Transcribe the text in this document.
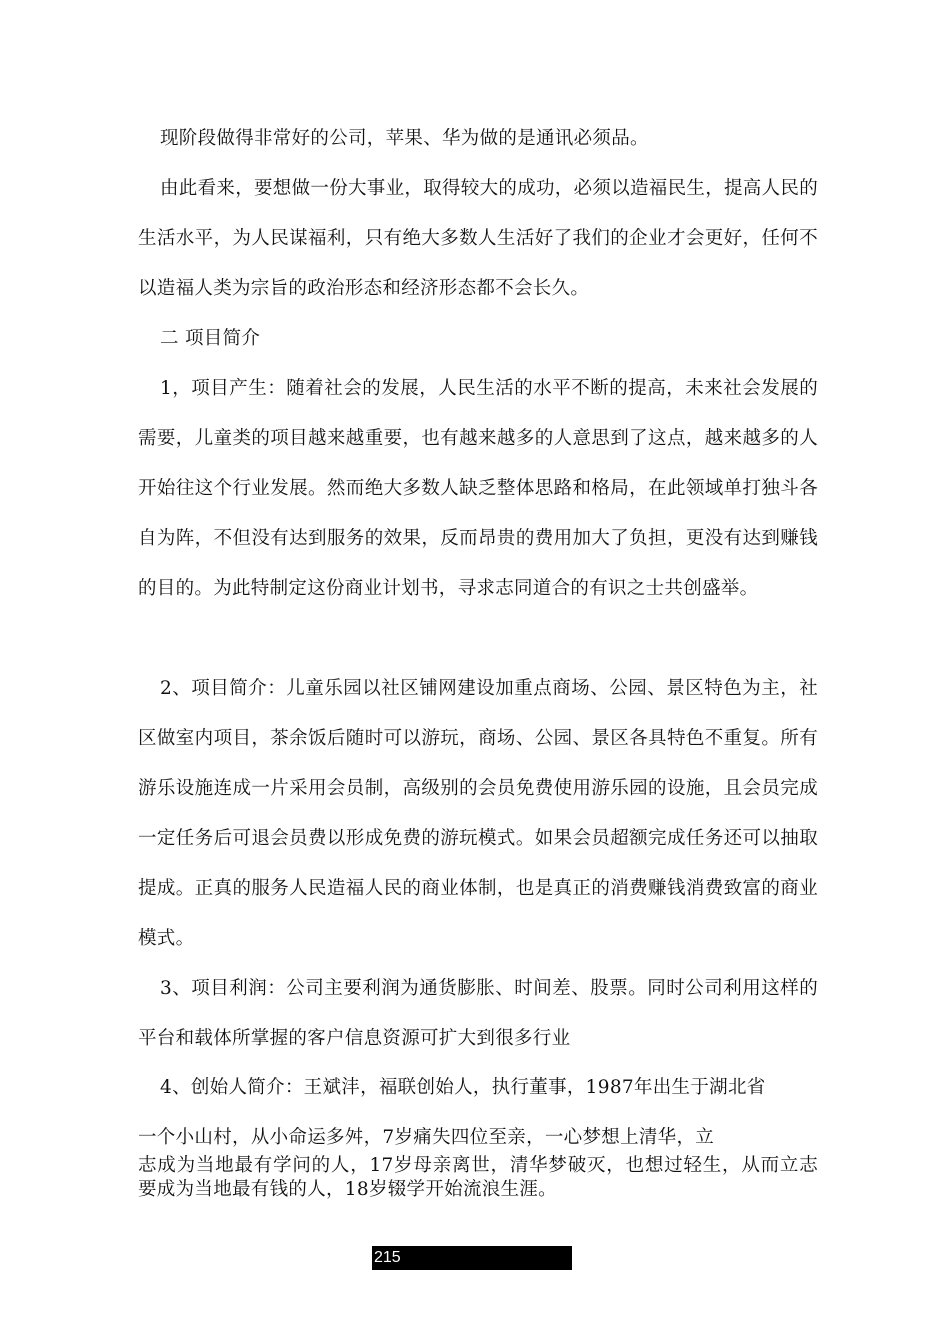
现阶段做得非常好的公司，苹果、华为做的是通讯必须品。

由此看来，要想做一份大事业，取得较大的成功，必须以造福民生，提高人民的生活水平，为人民谋福利，只有绝大多数人生活好了我们的企业才会更好，任何不以造福人类为宗旨的政治形态和经济形态都不会长久。

二 项目简介

1，项目产生：随着社会的发展，人民生活的水平不断的提高，未来社会发展的需要，儿童类的项目越来越重要，也有越来越多的人意思到了这点，越来越多的人开始往这个行业发展。然而绝大多数人缺乏整体思路和格局，在此领域单打独斗各自为阵，不但没有达到服务的效果，反而昂贵的费用加大了负担，更没有达到赚钱的目的。为此特制定这份商业计划书，寻求志同道合的有识之士共创盛举。

2、项目简介：儿童乐园以社区铺网建设加重点商场、公园、景区特色为主，社区做室内项目，茶余饭后随时可以游玩，商场、公园、景区各具特色不重复。所有游乐设施连成一片采用会员制，高级别的会员免费使用游乐园的设施，且会员完成一定任务后可退会员费以形成免费的游玩模式。如果会员超额完成任务还可以抽取提成。正真的服务人民造福人民的商业体制，也是真正的消费赚钱消费致富的商业模式。

3、项目利润：公司主要利润为通货膨胀、时间差、股票。同时公司利用这样的平台和载体所掌握的客户信息资源可扩大到很多行业

4、创始人简介：王斌沣，福联创始人，执行董事，1987年出生于湖北省

一个小山村，从小命运多舛，7岁痛失四位至亲，一心梦想上清华，立

志成为当地最有学问的人，17岁母亲离世，清华梦破灭，也想过轻生，从而立志要成为当地最有钱的人，18岁辍学开始流浪生涯。

215
